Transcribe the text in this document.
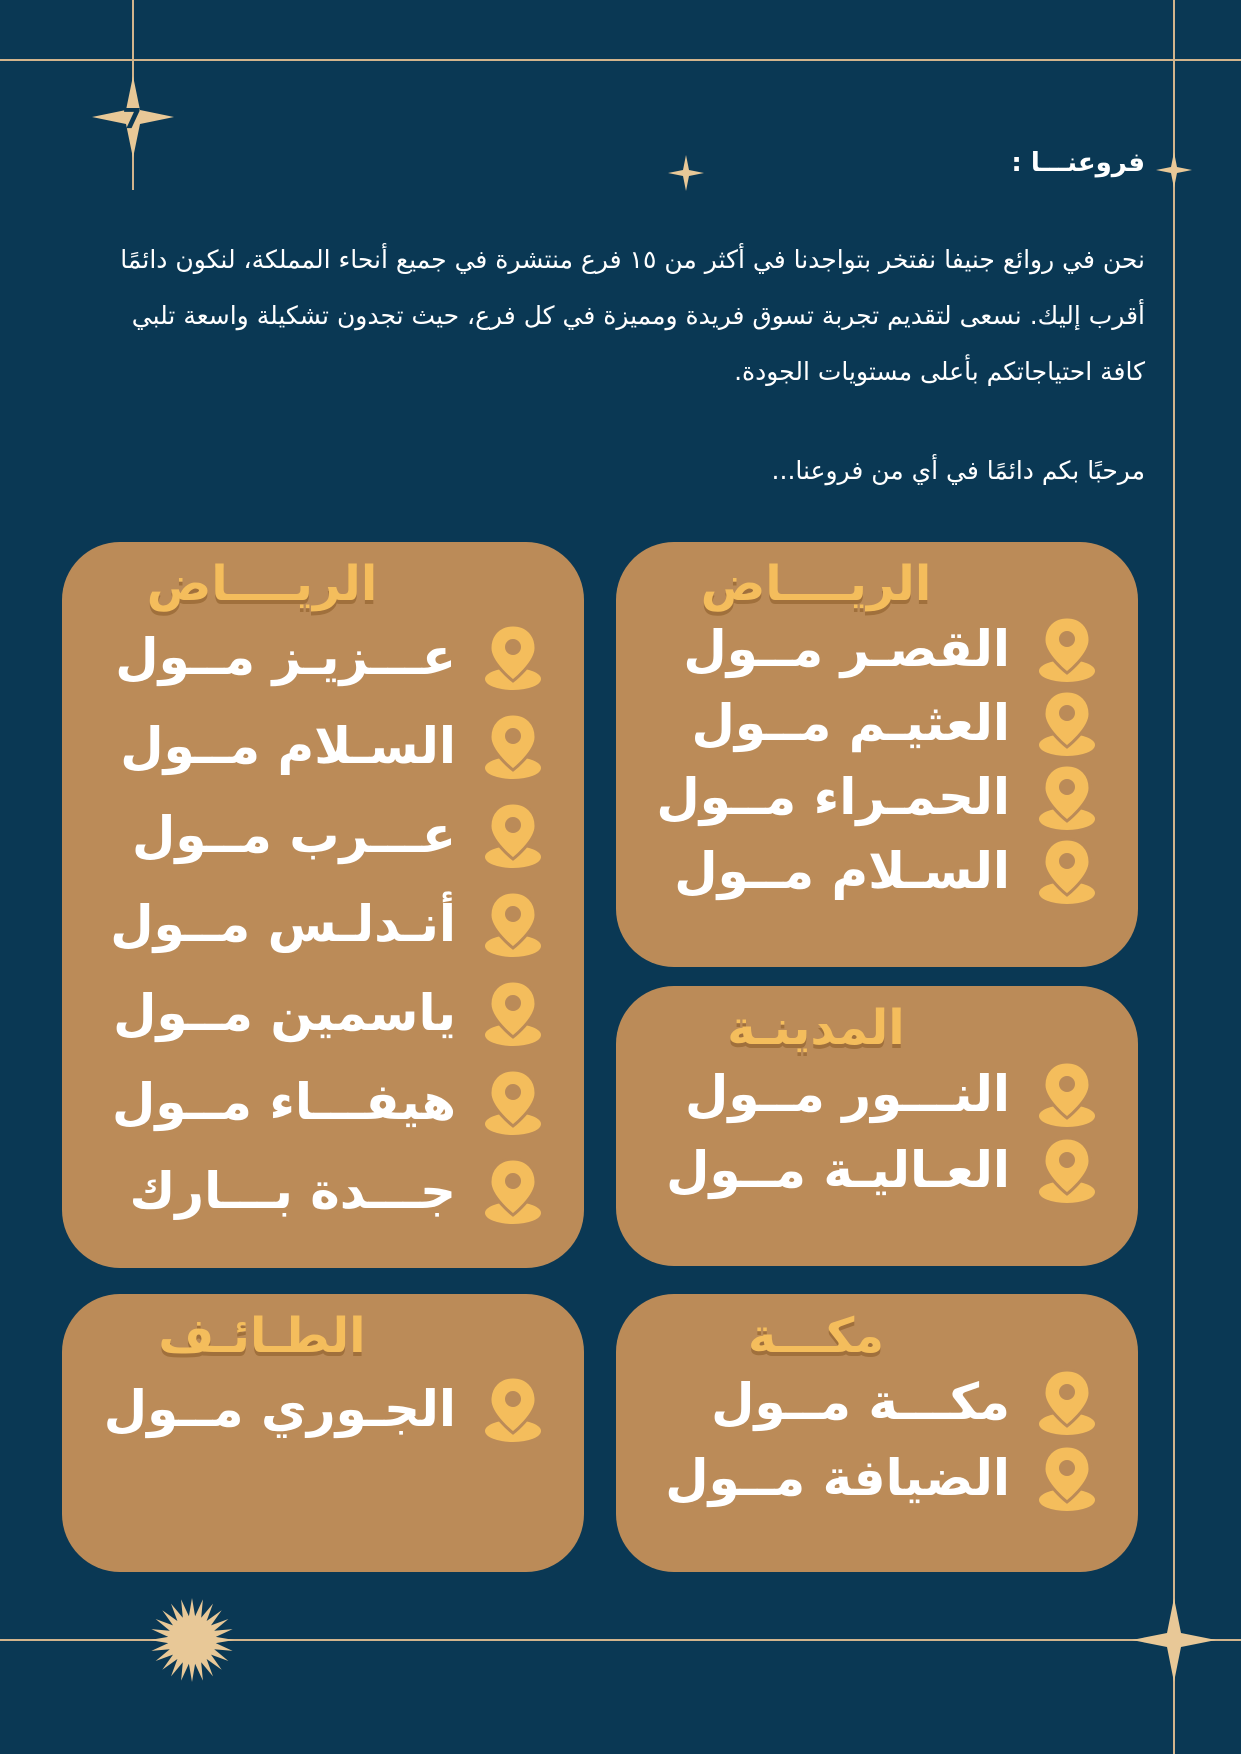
7
فروعنـــا :

نحن في روائع جنيفا نفتخر بتواجدنا في أكثر من ١٥ فرع منتشرة في جميع أنحاء المملكة، لنكون دائمًا أقرب إليك. نسعى لتقديم تجربة تسوق فريدة ومميزة في كل فرع، حيث تجدون تشكيلة واسعة تلبي كافة احتياجاتكم بأعلى مستويات الجودة.

مرحبًا بكم دائمًا في أي من فروعنا...

الريــــاض
القصـر مــول
العثيـم مــول
الحمـراء مــول
السـلام مــول
الريــــاض
عـــزيـز مــول
السـلام مــول
عـــرب مــول
أنـدلـس مــول
ياسمين مــول
هيفـــاء مــول
جـــدة بـــارك
المدينـة
النـــور مــول
العـاليـة مــول
مكـــة
مكـــة مــول
الضيافة مــول
الطـائـف
الجـوري مــول
